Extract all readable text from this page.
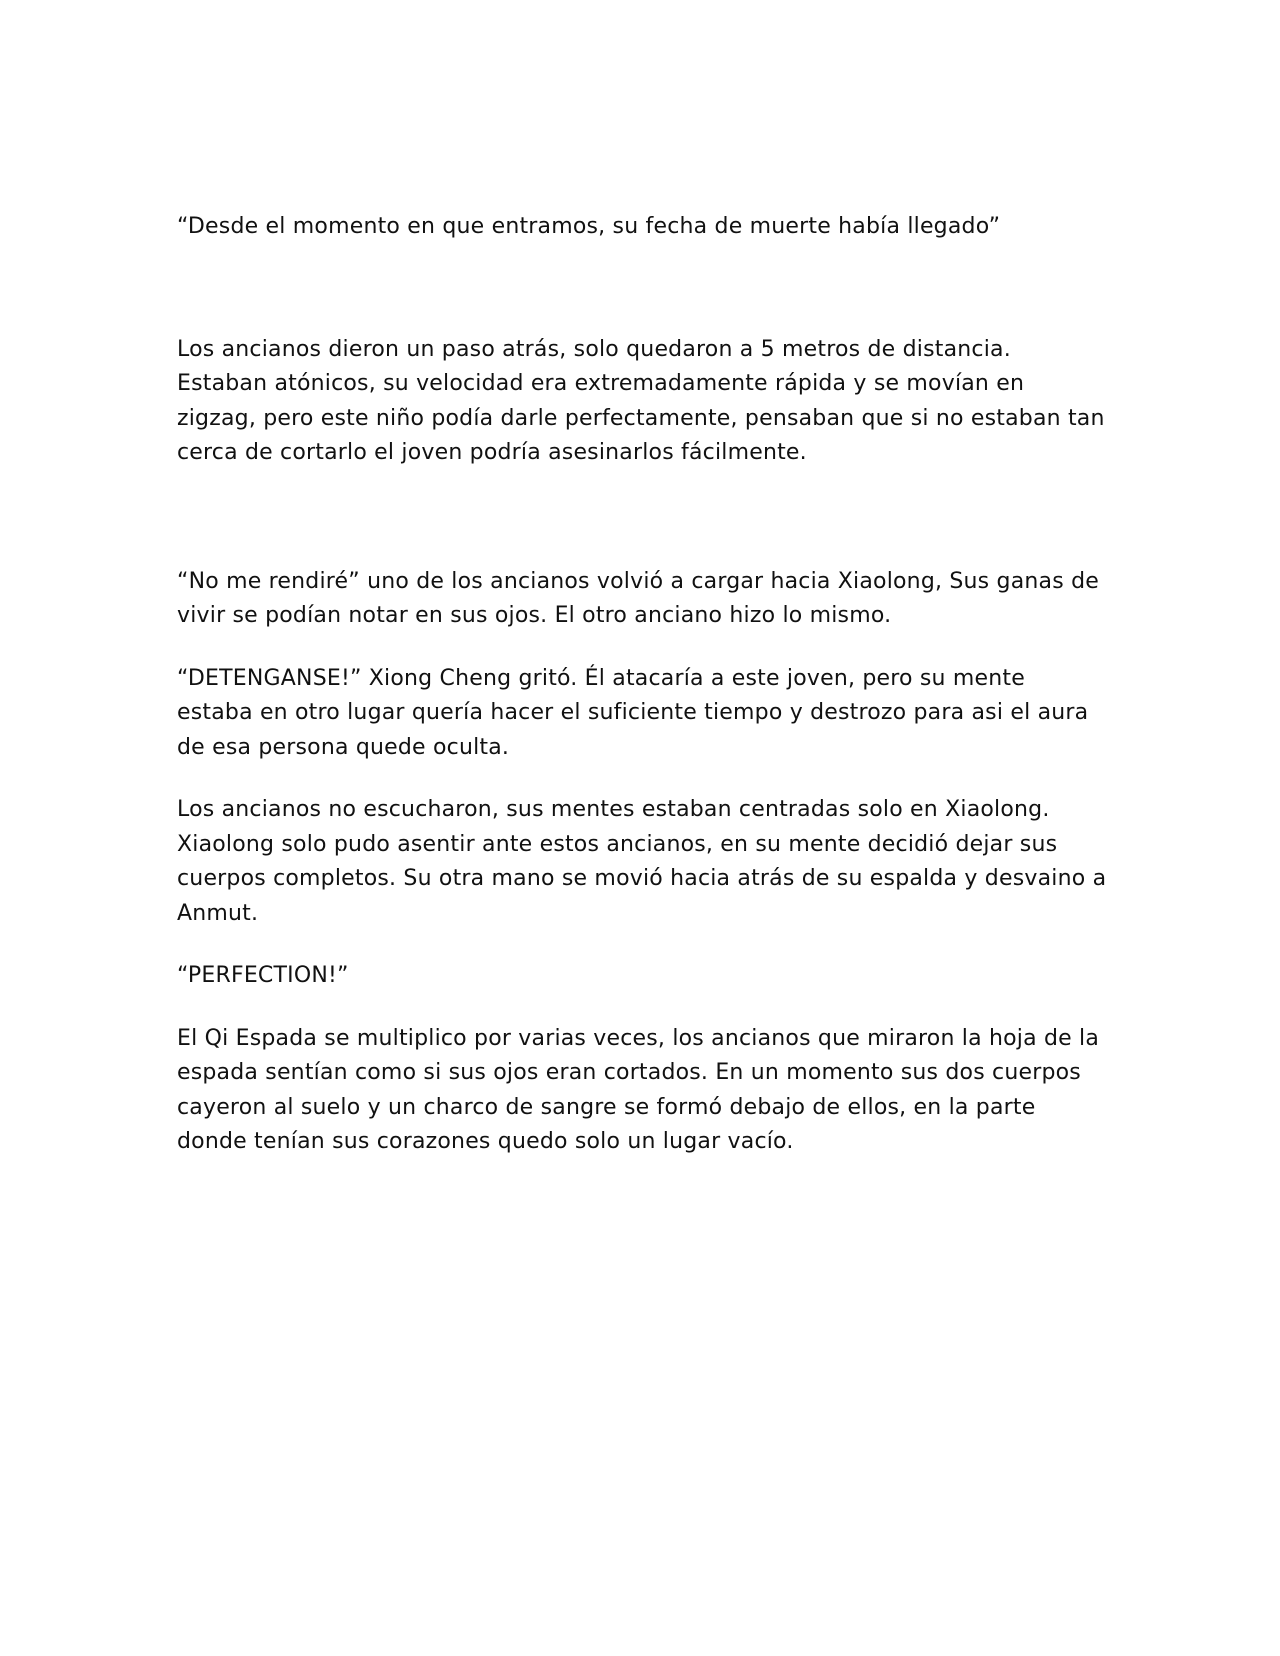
“Desde el momento en que entramos, su fecha de muerte había llegado”

Los ancianos dieron un paso atrás, solo quedaron a 5 metros de distancia. Estaban atónicos, su velocidad era extremadamente rápida y se movían en zigzag, pero este niño podía darle perfectamente, pensaban que si no estaban tan cerca de cortarlo el joven podría asesinarlos fácilmente.

“No me rendiré” uno de los ancianos volvió a cargar hacia Xiaolong, Sus ganas de vivir se podían notar en sus ojos. El otro anciano hizo lo mismo.

“DETENGANSE!” Xiong Cheng gritó. Él atacaría a este joven, pero su mente estaba en otro lugar quería hacer el suficiente tiempo y destrozo para asi el aura de esa persona quede oculta.

Los ancianos no escucharon, sus mentes estaban centradas solo en Xiaolong. Xiaolong solo pudo asentir ante estos ancianos, en su mente decidió dejar sus cuerpos completos. Su otra mano se movió hacia atrás de su espalda y desvaino a Anmut.

“PERFECTION!”

El Qi Espada se multiplico por varias veces, los ancianos que miraron la hoja de la espada sentían como si sus ojos eran cortados. En un momento sus dos cuerpos cayeron al suelo y un charco de sangre se formó debajo de ellos, en la parte donde tenían sus corazones quedo solo un lugar vacío.
